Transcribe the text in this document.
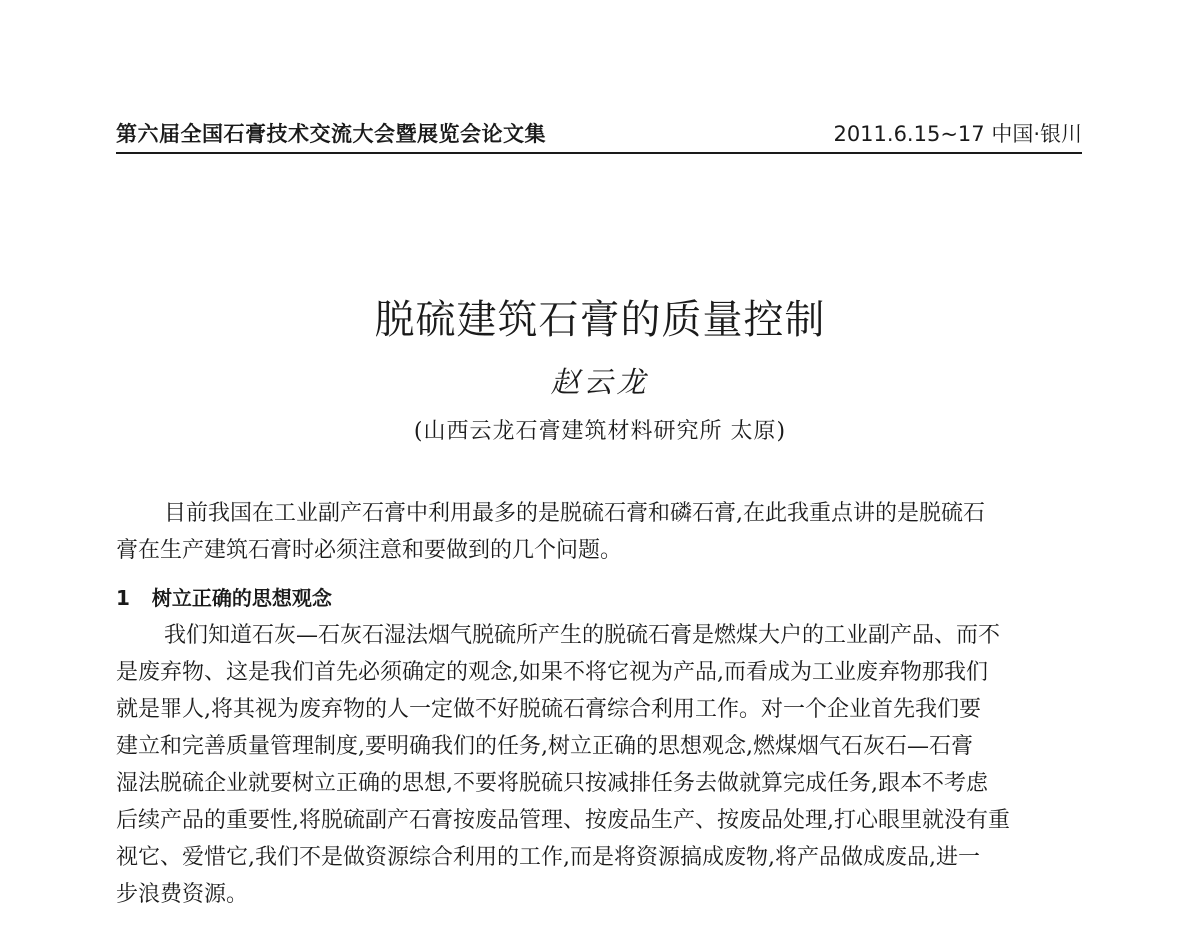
第六届全国石膏技术交流大会暨展览会论文集	2011.6.15~17 中国·银川
脱硫建筑石膏的质量控制
赵云龙
(山西云龙石膏建筑材料研究所 太原)
目前我国在工业副产石膏中利用最多的是脱硫石膏和磷石膏,在此我重点讲的是脱硫石
膏在生产建筑石膏时必须注意和要做到的几个问题。
1 树立正确的思想观念
我们知道石灰—石灰石湿法烟气脱硫所产生的脱硫石膏是燃煤大户的工业副产品、而不
是废弃物、这是我们首先必须确定的观念,如果不将它视为产品,而看成为工业废弃物那我们
就是罪人,将其视为废弃物的人一定做不好脱硫石膏综合利用工作。对一个企业首先我们要
建立和完善质量管理制度,要明确我们的任务,树立正确的思想观念,燃煤烟气石灰石—石膏
湿法脱硫企业就要树立正确的思想,不要将脱硫只按减排任务去做就算完成任务,跟本不考虑
后续产品的重要性,将脱硫副产石膏按废品管理、按废品生产、按废品处理,打心眼里就没有重
视它、爱惜它,我们不是做资源综合利用的工作,而是将资源搞成废物,将产品做成废品,进一
步浪费资源。
